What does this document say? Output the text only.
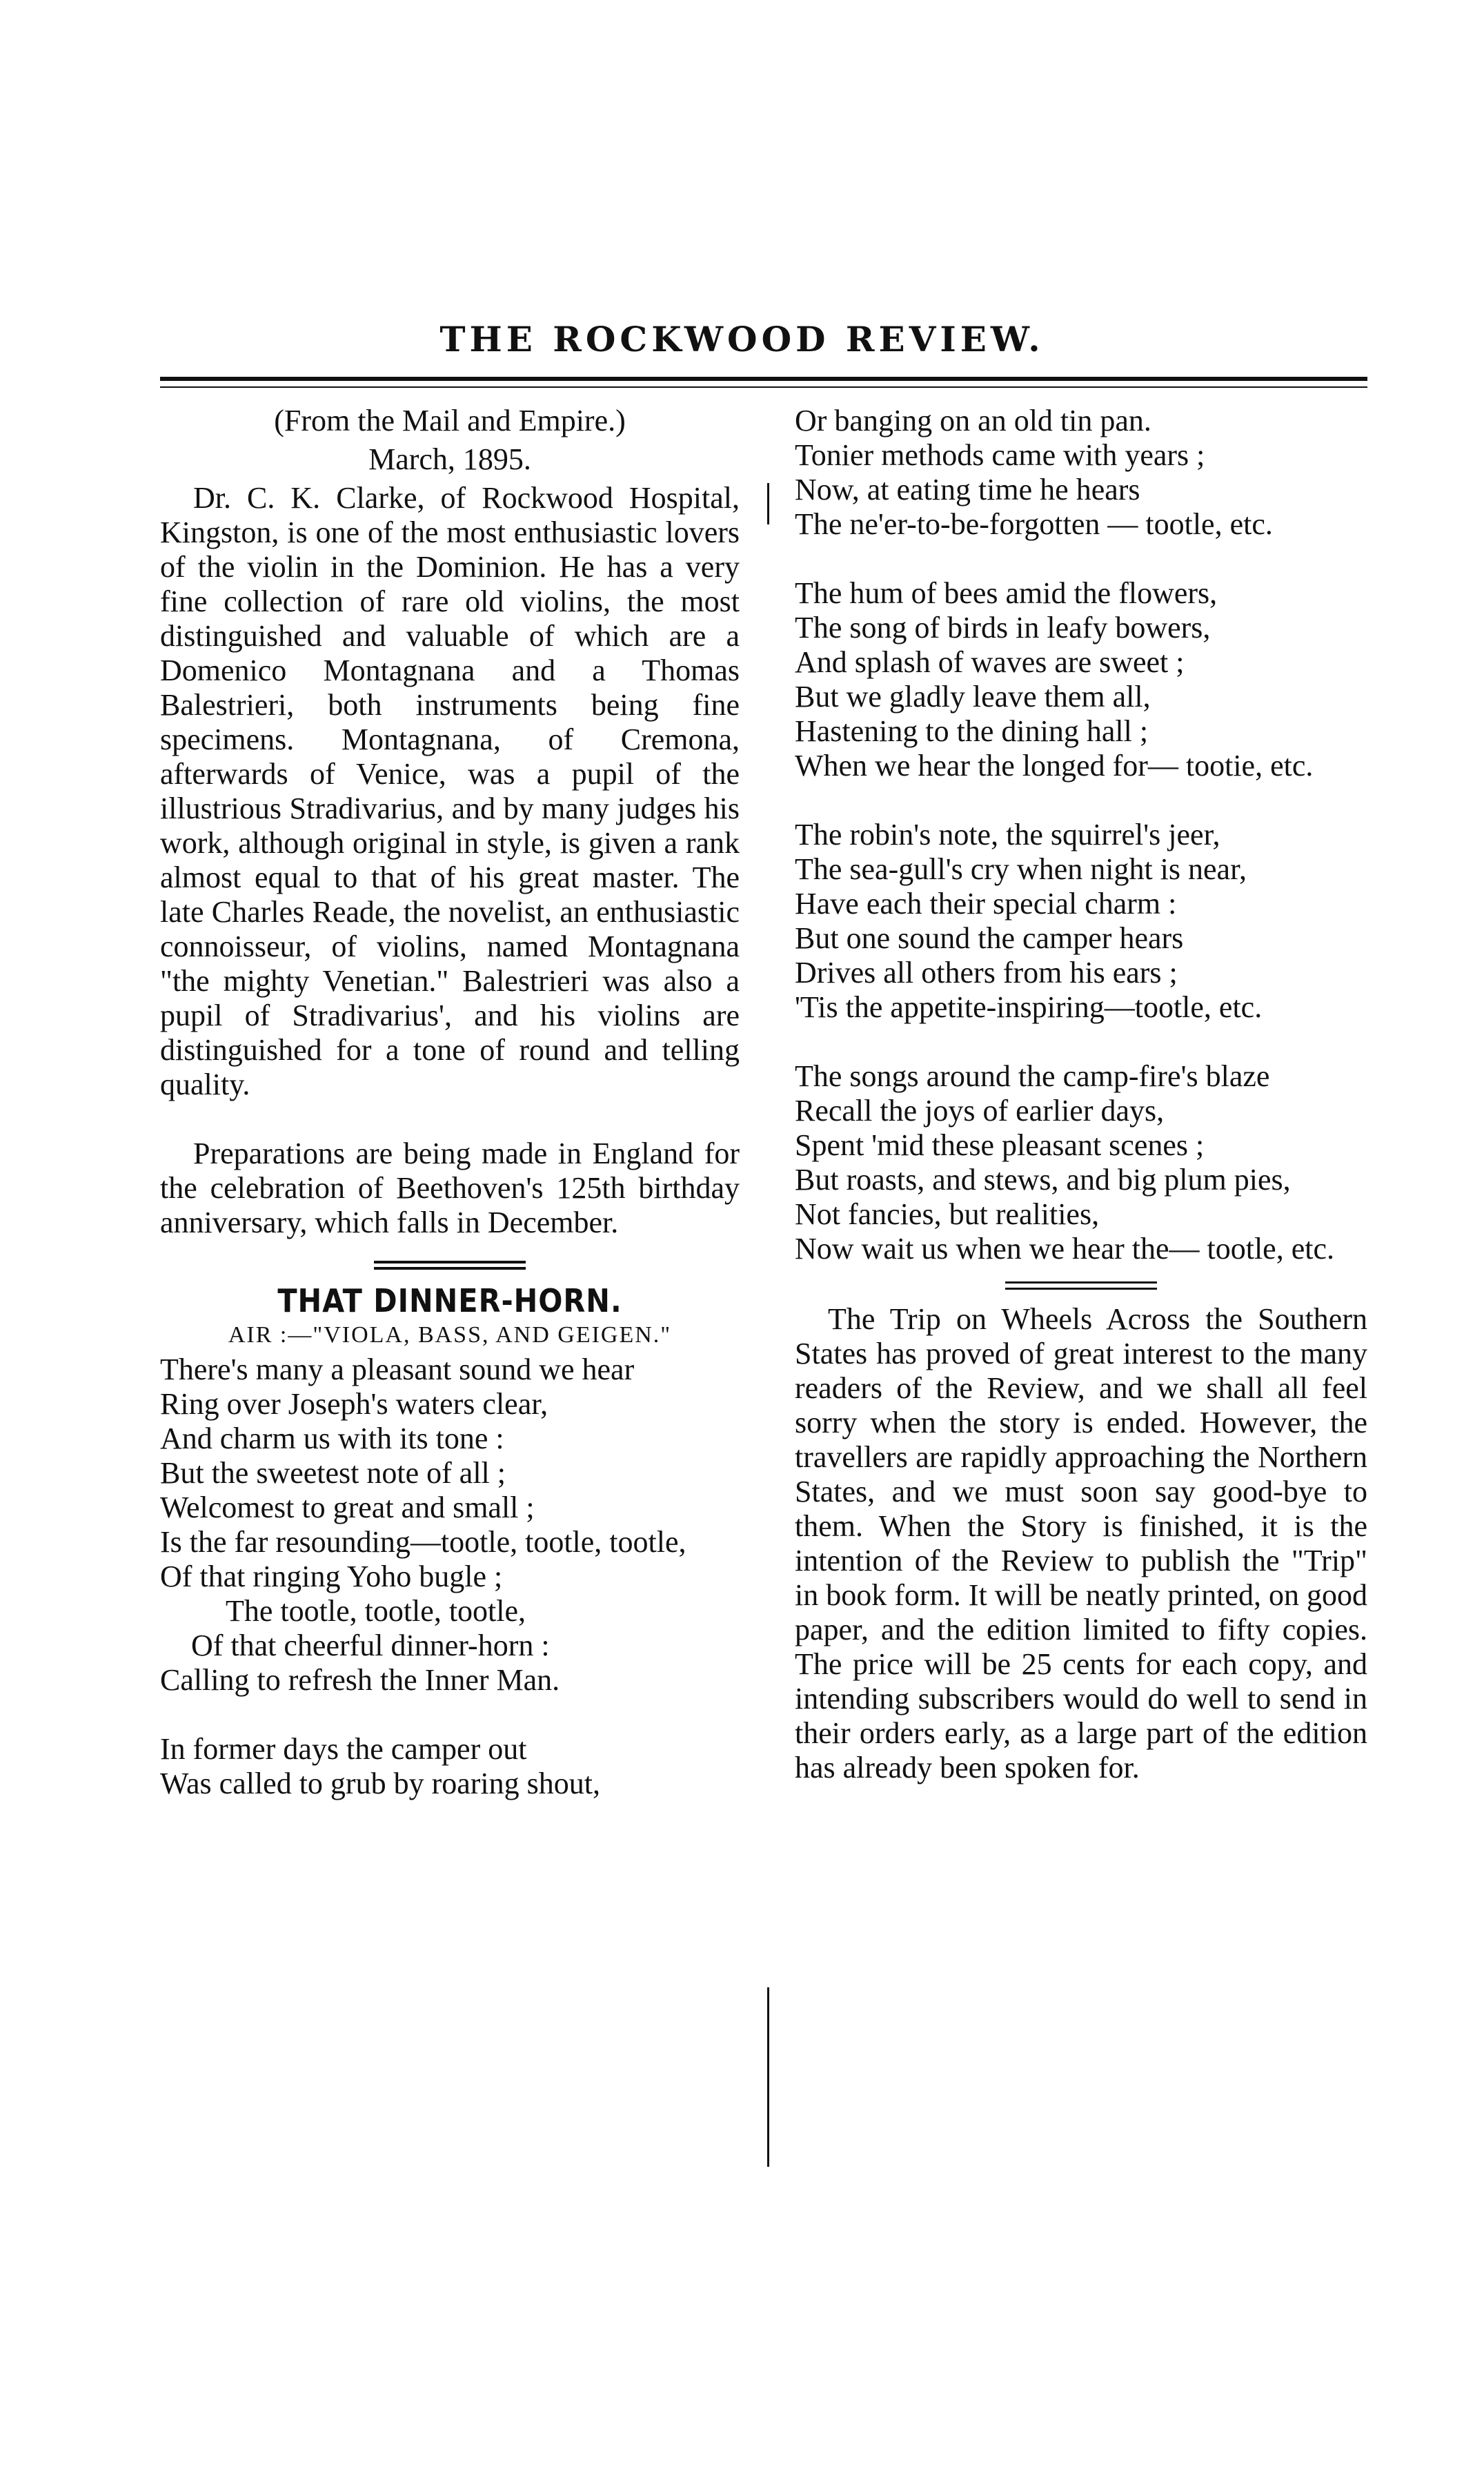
THE ROCKWOOD REVIEW.

(From the Mail and Empire.)

March, 1895.

Dr. C. K. Clarke, of Rockwood Hospital, Kingston, is one of the most enthusiastic lovers of the violin in the Dominion. He has a very fine collection of rare old violins, the most distinguished and valuable of which are a Domenico Montagnana and a Thomas Balestrieri, both instruments being fine specimens. Montagnana, of Cremona, afterwards of Venice, was a pupil of the illustrious Stradivarius, and by many judges his work, although original in style, is given a rank almost equal to that of his great master. The late Charles Reade, the novelist, an enthusiastic connoisseur, of violins, named Montagnana "the mighty Venetian." Balestrieri was also a pupil of Stradivarius', and his violins are distinguished for a tone of round and telling quality.

Preparations are being made in England for the celebration of Beethoven's 125th birthday anniversary, which falls in December.

THAT DINNER-HORN.

AIR :—"VIOLA, BASS, AND GEIGEN."

There's many a pleasant sound we hear

Ring over Joseph's waters clear,

And charm us with its tone :

But the sweetest note of all ;

Welcomest to great and small ;

Is the far resounding—tootle, tootle, tootle,

Of that ringing Yoho bugle ;

The tootle, tootle, tootle,

Of that cheerful dinner-horn :

Calling to refresh the Inner Man.

In former days the camper out

Was called to grub by roaring shout,

Or banging on an old tin pan.

Tonier methods came with years ;

Now, at eating time he hears

The ne'er-to-be-forgotten — tootle, etc.

The hum of bees amid the flowers,

The song of birds in leafy bowers,

And splash of waves are sweet ;

But we gladly leave them all,

Hastening to the dining hall ;

When we hear the longed for— tootie, etc.

The robin's note, the squirrel's jeer,

The sea-gull's cry when night is near,

Have each their special charm :

But one sound the camper hears

Drives all others from his ears ;

'Tis the appetite-inspiring—tootle, etc.

The songs around the camp-fire's blaze

Recall the joys of earlier days,

Spent 'mid these pleasant scenes ;

But roasts, and stews, and big plum pies,

Not fancies, but realities,

Now wait us when we hear the— tootle, etc.

The Trip on Wheels Across the Southern States has proved of great interest to the many readers of the Review, and we shall all feel sorry when the story is ended. However, the travellers are rapidly approaching the Northern States, and we must soon say good-bye to them. When the Story is finished, it is the intention of the Review to publish the "Trip" in book form. It will be neatly printed, on good paper, and the edition limited to fifty copies. The price will be 25 cents for each copy, and intending subscribers would do well to send in their orders early, as a large part of the edition has already been spoken for.
